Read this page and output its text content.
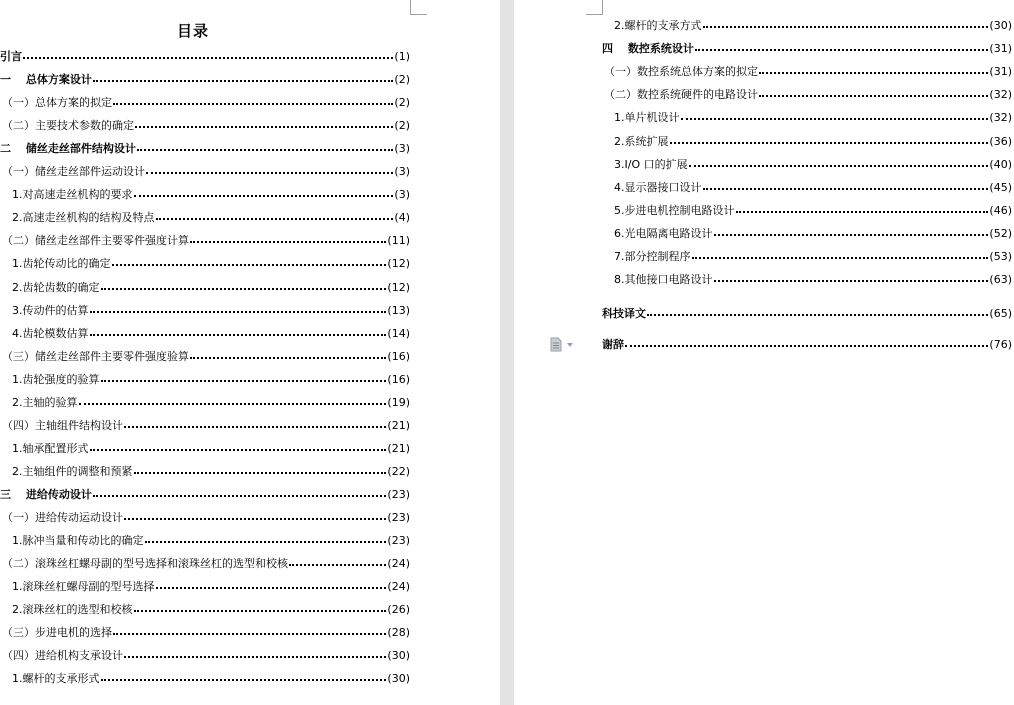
目录
引言	(1)
一　 总体方案设计	(2)
（一）总体方案的拟定	(2)
（二）主要技术参数的确定	(2)
二　 储丝走丝部件结构设计	(3)
（一）储丝走丝部件运动设计	(3)
1.对高速走丝机构的要求	(3)
2.高速走丝机构的结构及特点	(4)
（二）储丝走丝部件主要零件强度计算	(11)
1.齿轮传动比的确定	(12)
2.齿轮齿数的确定	(12)
3.传动件的估算	(13)
4.齿轮模数估算	(14)
（三）储丝走丝部件主要零件强度验算	(16)
1.齿轮强度的验算	(16)
2.主轴的验算	(19)
（四）主轴组件结构设计	(21)
1.轴承配置形式	(21)
2.主轴组件的调整和预紧	(22)
三　 进给传动设计	(23)
（一）进给传动运动设计	(23)
1.脉冲当量和传动比的确定	(23)
（二）滚珠丝杠螺母副的型号选择和滚珠丝杠的选型和校核	(24)
1.滚珠丝杠螺母副的型号选择	(24)
2.滚珠丝杠的选型和校核	(26)
（三）步进电机的选择	(28)
（四）进给机构支承设计	(30)
1.螺杆的支承形式	(30)
2.螺杆的支承方式	(30)
四　 数控系统设计	(31)
（一）数控系统总体方案的拟定	(31)
（二）数控系统硬件的电路设计	(32)
1.单片机设计	(32)
2.系统扩展	(36)
3.I/O 口的扩展	(40)
4.显示器接口设计	(45)
5.步进电机控制电路设计	(46)
6.光电隔离电路设计	(52)
7.部分控制程序	(53)
8.其他接口电路设计	(63)
科技译文	(65)
谢辞	(76)
